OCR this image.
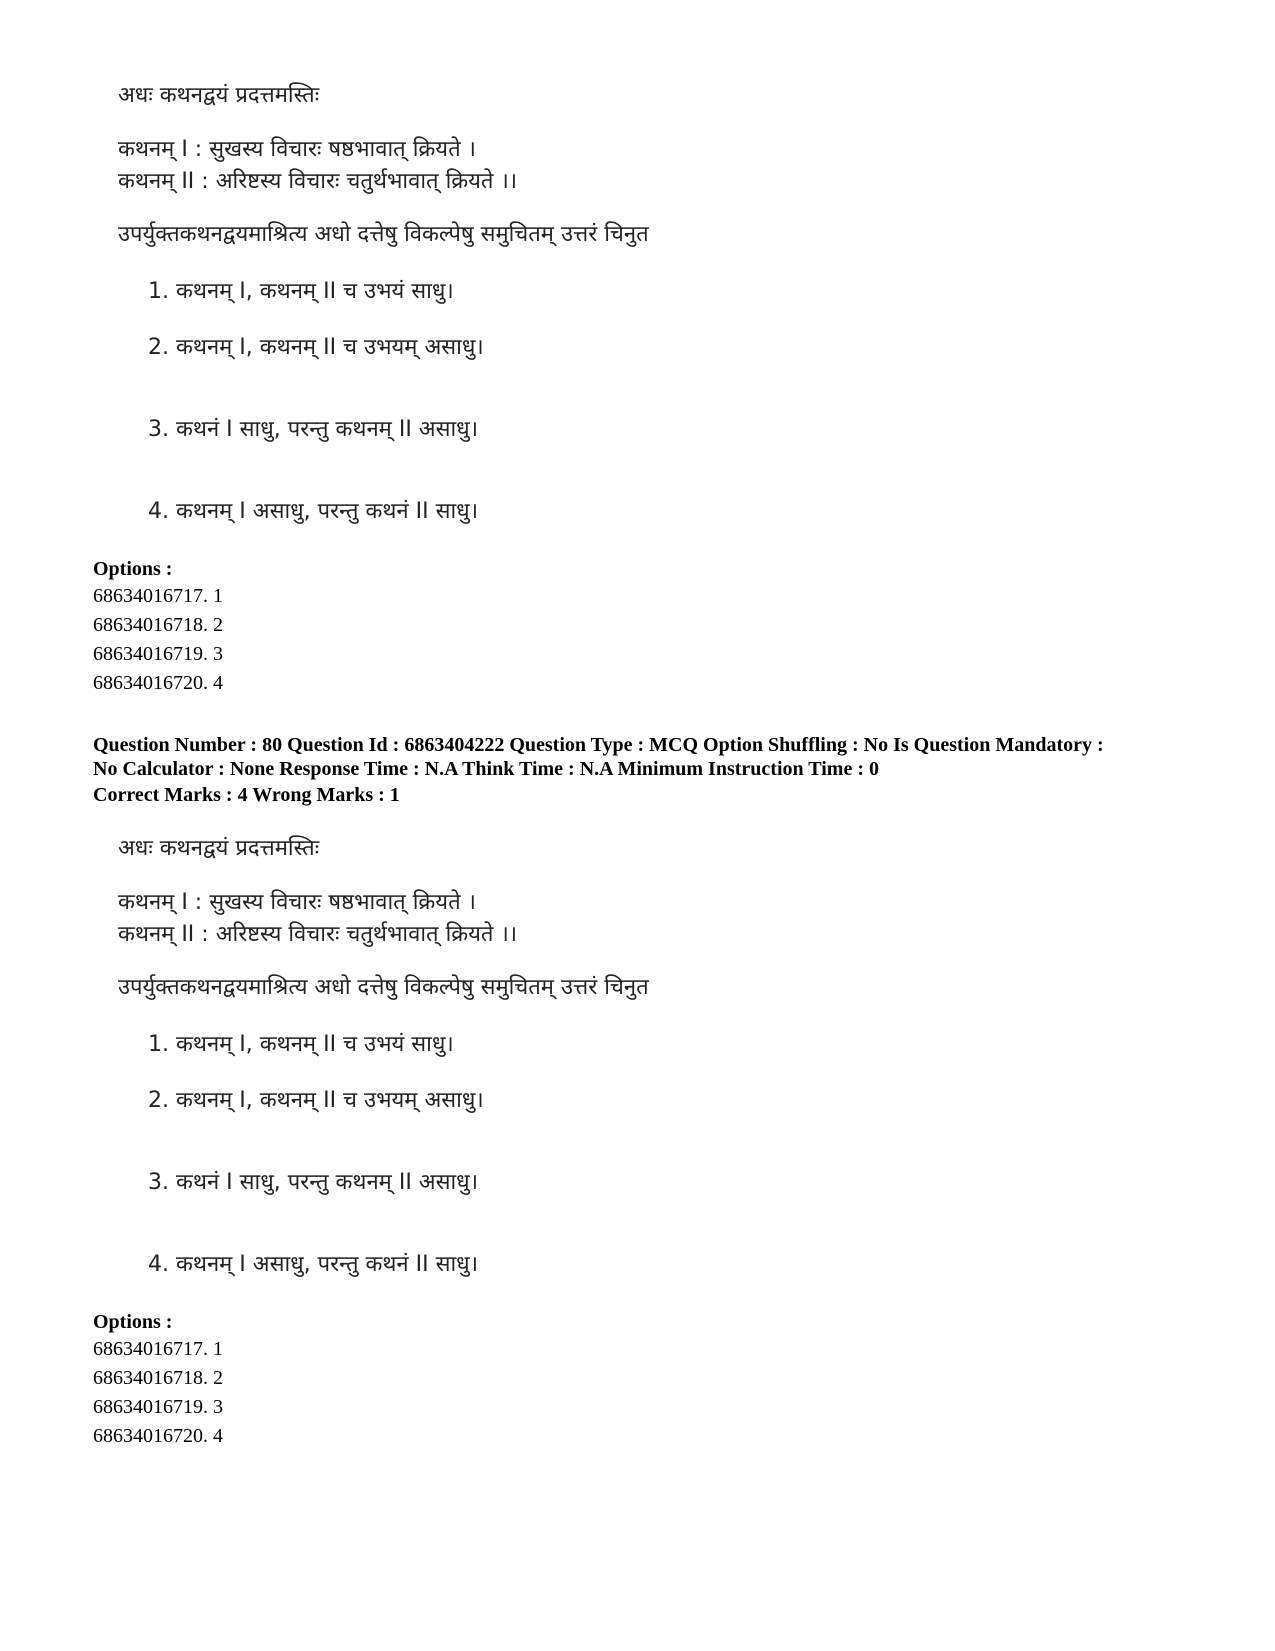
अधः कथनद्वयं प्रदत्तमस्तिः
कथनम् I : सुखस्य विचारः षष्ठभावात् क्रियते ।
कथनम् II : अरिष्टस्य विचारः चतुर्थभावात् क्रियते ।।
उपर्युक्तकथनद्वयमाश्रित्य अधो दत्तेषु विकल्पेषु समुचितम् उत्तरं चिनुत
1. कथनम् I, कथनम् II च उभयं साधु।
2. कथनम् I, कथनम् II च उभयम् असाधु।
3. कथनं I साधु, परन्तु कथनम् II असाधु।
4. कथनम् I असाधु, परन्तु कथनं II साधु।
Options :
68634016717. 1
68634016718. 2
68634016719. 3
68634016720. 4
Question Number : 80 Question Id : 6863404222 Question Type : MCQ Option Shuffling : No Is Question Mandatory :
No Calculator : None Response Time : N.A Think Time : N.A Minimum Instruction Time : 0
Correct Marks : 4 Wrong Marks : 1
अधः कथनद्वयं प्रदत्तमस्तिः
कथनम् I : सुखस्य विचारः षष्ठभावात् क्रियते ।
कथनम् II : अरिष्टस्य विचारः चतुर्थभावात् क्रियते ।।
उपर्युक्तकथनद्वयमाश्रित्य अधो दत्तेषु विकल्पेषु समुचितम् उत्तरं चिनुत
1. कथनम् I, कथनम् II च उभयं साधु।
2. कथनम् I, कथनम् II च उभयम् असाधु।
3. कथनं I साधु, परन्तु कथनम् II असाधु।
4. कथनम् I असाधु, परन्तु कथनं II साधु।
Options :
68634016717. 1
68634016718. 2
68634016719. 3
68634016720. 4
